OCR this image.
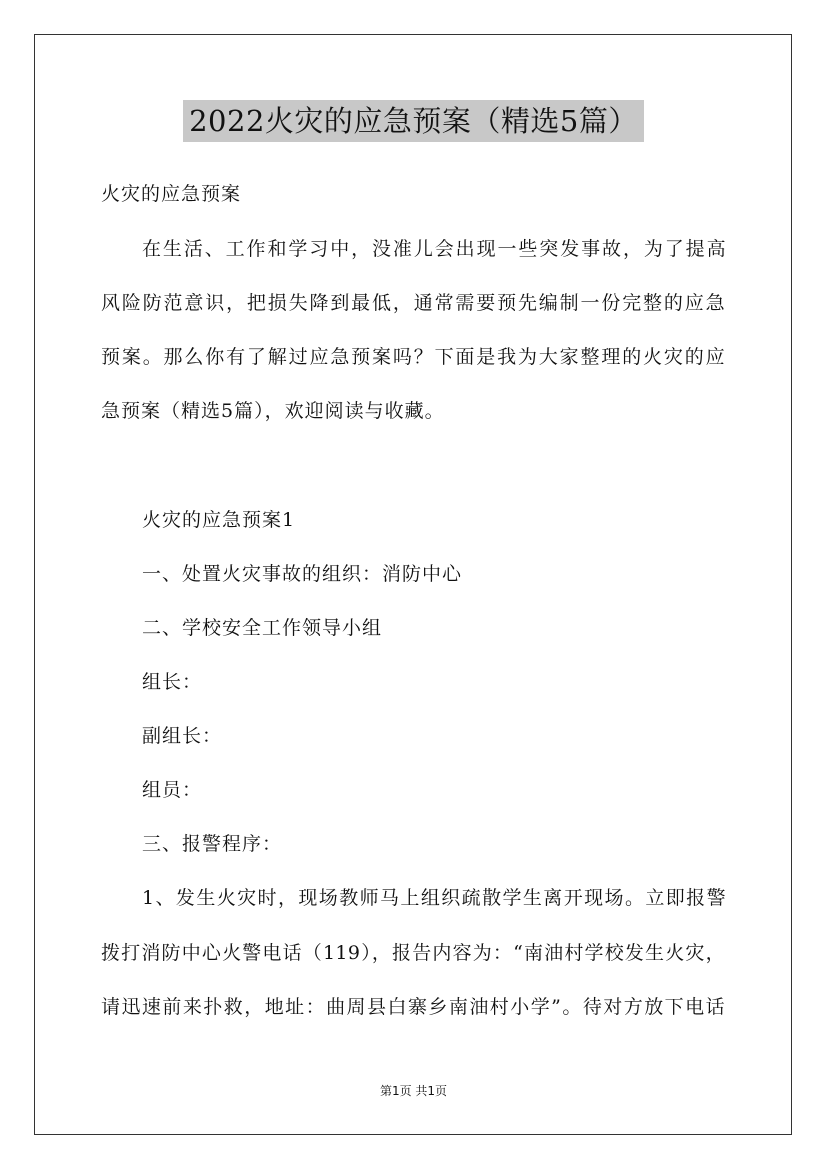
2022火灾的应急预案（精选5篇）
火灾的应急预案
在生活、工作和学习中，没准儿会出现一些突发事故，为了提高
风险防范意识，把损失降到最低，通常需要预先编制一份完整的应急
预案。那么你有了解过应急预案吗？下面是我为大家整理的火灾的应
急预案（精选5篇），欢迎阅读与收藏。
火灾的应急预案1
一、处置火灾事故的组织：消防中心
二、学校安全工作领导小组
组长：
副组长：
组员：
三、报警程序：
1、发生火灾时，现场教师马上组织疏散学生离开现场。立即报警
拨打消防中心火警电话（119），报告内容为：“南油村学校发生火灾，
请迅速前来扑救，地址：曲周县白寨乡南油村小学”。待对方放下电话
第1页 共1页
